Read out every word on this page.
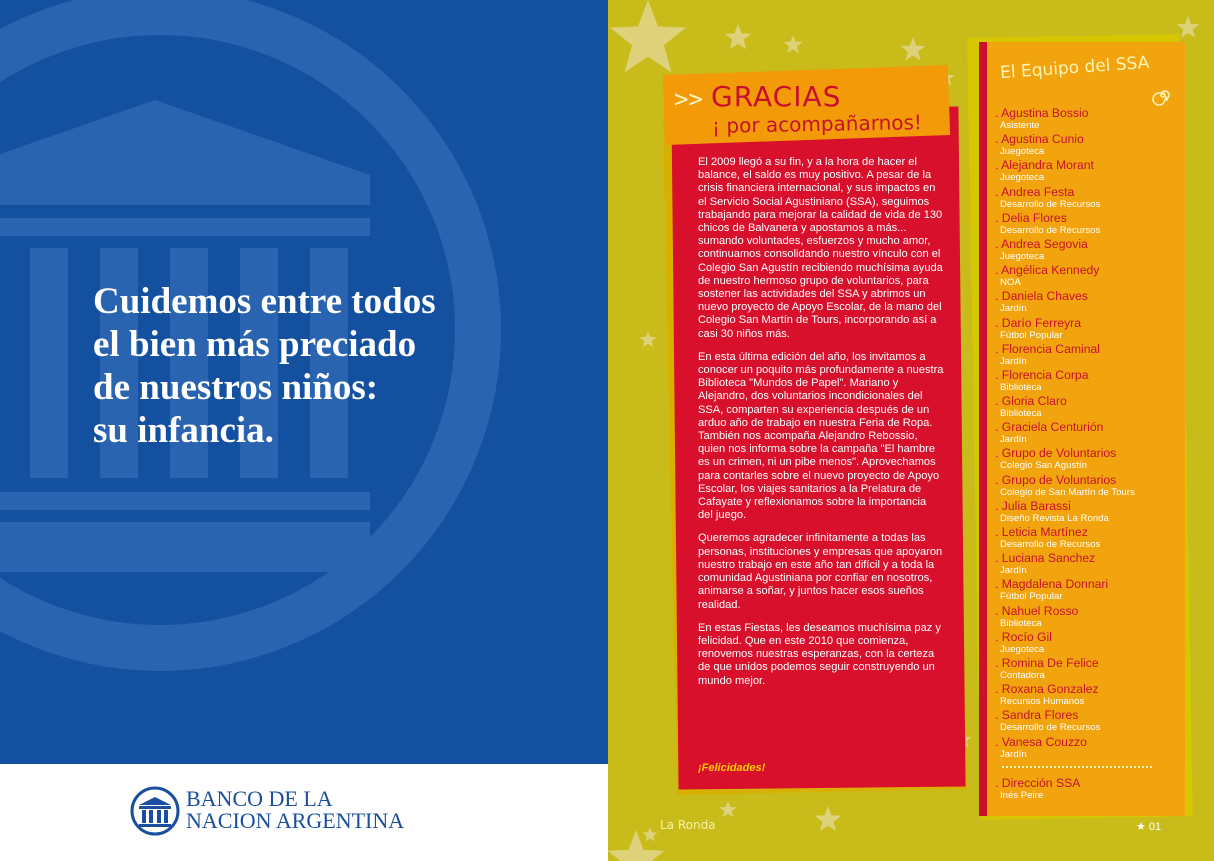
Cuidemos entre todos
el bien más preciado
de nuestros niños:
su infancia.
BANCO DE LA
NACION ARGENTINA
>> GRACIAS
¡ por acompañarnos!

El 2009 llegó a su fin, y a la hora de hacer el balance, el saldo es muy positivo. A pesar de la crisis financiera internacional, y sus impactos en el Servicio Social Agustiniano (SSA), seguimos trabajando para mejorar la calidad de vida de 130 chicos de Balvanera y apostamos a más... sumando voluntades, esfuerzos y mucho amor, continuamos consolidando nuestro vínculo con el Colegio San Agustín recibiendo muchísima ayuda de nuestro hermoso grupo de voluntarios, para sostener las actividades del SSA y abrimos un nuevo proyecto de Apoyo Escolar, de la mano del Colegio San Martín de Tours, incorporando así a casi 30 niños más.

En esta última edición del año, los invitamos a conocer un poquito más profundamente a nuestra Biblioteca "Mundos de Papel". Mariano y Alejandro, dos voluntarios incondicionales del SSA, comparten su experiencia después de un arduo año de trabajo en nuestra Feria de Ropa. También nos acompaña Alejandro Rebossio, quien nos informa sobre la campaña "El hambre es un crimen, ni un pibe menos". Aprovechamos para contarles sobre el nuevo proyecto de Apoyo Escolar, los viajes sanitarios a la Prelatura de Cafayate y reflexionamos sobre la importancia del juego.

Queremos agradecer infinitamente a todas las personas, instituciones y empresas que apoyaron nuestro trabajo en este año tan difícil y a toda la comunidad Agustiniana por confiar en nosotros, animarse a soñar, y juntos hacer esos sueños realidad.

En estas Fiestas, les deseamos muchísima paz y felicidad. Que en este 2010 que comienza, renovemos nuestras esperanzas, con la certeza de que unidos podemos seguir construyendo un mundo mejor.

¡Felicidades!
El Equipo del SSA
. Agustina Bossio
Asistente
. Agustina Cunio
Juegoteca
. Alejandra Morant
Juegoteca
. Andrea Festa
Desarrollo de Recursos
. Delia Flores
Desarrollo de Recursos
. Andrea Segovia
Juegoteca
. Angélica Kennedy
NOA
. Daniela Chaves
Jardín
. Darío Ferreyra
Fútbol Popular
. Florencia Caminal
Jardín
. Florencia Corpa
Biblioteca
. Gloria Claro
Biblioteca
. Graciela Centurión
Jardín
. Grupo de Voluntarios
Colegio San Agustín
. Grupo de Voluntarios
Colegio de San Martín de Tours
. Julia Barassi
Diseño Revista La Ronda
. Leticia Martínez
Desarrollo de Recursos
. Luciana Sanchez
Jardín
. Magdalena Donnari
Fútbol Popular
. Nahuel Rosso
Biblioteca
. Rocío Gil
Juegoteca
. Romina De Felice
Contadora
. Roxana Gonzalez
Recursos Humanos
. Sandra Flores
Desarrollo de Recursos
. Vanesa Couzzo
Jardín
. Dirección SSA
Inés Peire
La Ronda	★ 01
